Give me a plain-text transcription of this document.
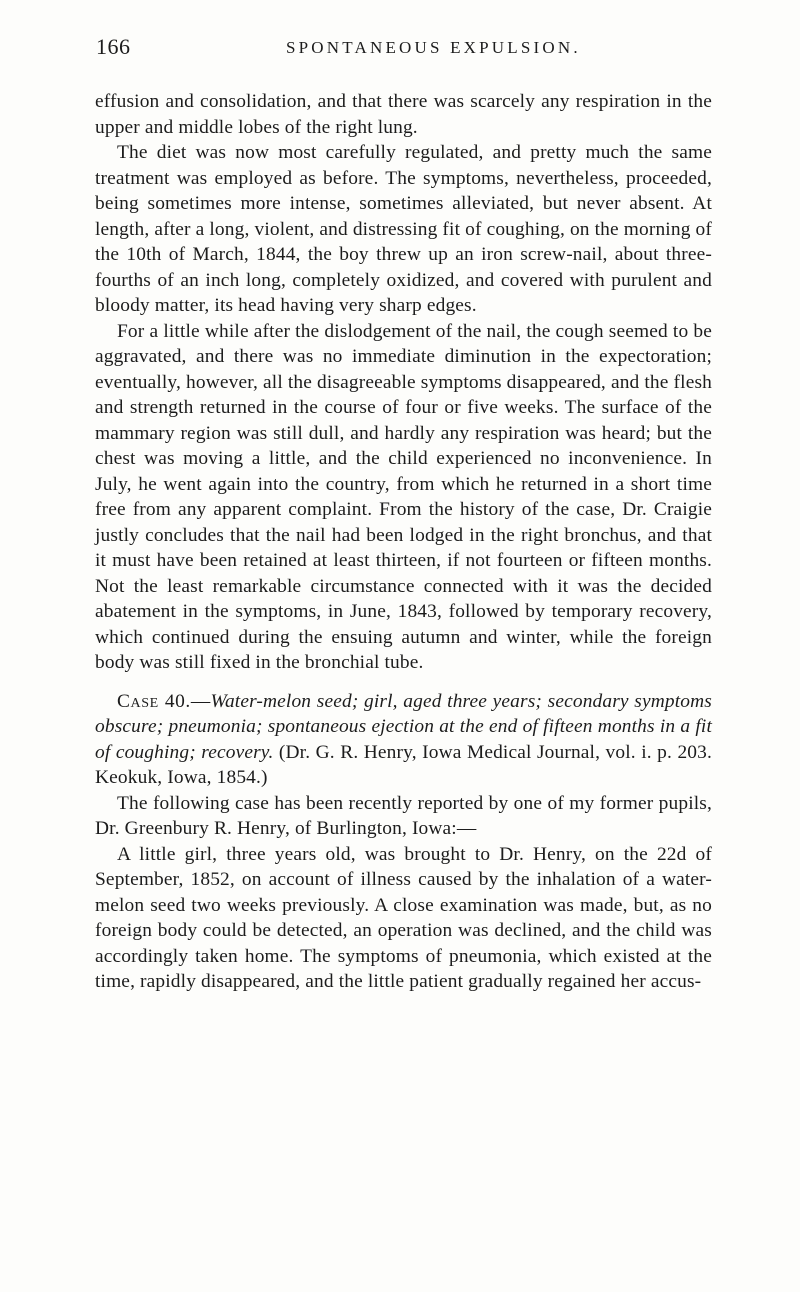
166	SPONTANEOUS EXPULSION.

effusion and consolidation, and that there was scarcely any respiration in the upper and middle lobes of the right lung.

The diet was now most carefully regulated, and pretty much the same treatment was employed as before. The symptoms, nevertheless, proceeded, being sometimes more intense, sometimes alleviated, but never absent. At length, after a long, violent, and distressing fit of coughing, on the morning of the 10th of March, 1844, the boy threw up an iron screw-nail, about three-fourths of an inch long, completely oxidized, and covered with purulent and bloody matter, its head having very sharp edges.

For a little while after the dislodgement of the nail, the cough seemed to be aggravated, and there was no immediate diminution in the expectoration; eventually, however, all the disagreeable symptoms disappeared, and the flesh and strength returned in the course of four or five weeks. The surface of the mammary region was still dull, and hardly any respiration was heard; but the chest was moving a little, and the child experienced no inconvenience. In July, he went again into the country, from which he returned in a short time free from any apparent complaint. From the history of the case, Dr. Craigie justly concludes that the nail had been lodged in the right bronchus, and that it must have been retained at least thirteen, if not fourteen or fifteen months. Not the least remarkable circumstance connected with it was the decided abatement in the symptoms, in June, 1843, followed by temporary recovery, which continued during the ensuing autumn and winter, while the foreign body was still fixed in the bronchial tube.

Case 40.—Water-melon seed; girl, aged three years; secondary symptoms obscure; pneumonia; spontaneous ejection at the end of fifteen months in a fit of coughing; recovery. (Dr. G. R. Henry, Iowa Medical Journal, vol. i. p. 203. Keokuk, Iowa, 1854.)

The following case has been recently reported by one of my former pupils, Dr. Greenbury R. Henry, of Burlington, Iowa:—

A little girl, three years old, was brought to Dr. Henry, on the 22d of September, 1852, on account of illness caused by the inhalation of a water-melon seed two weeks previously. A close examination was made, but, as no foreign body could be detected, an operation was declined, and the child was accordingly taken home. The symptoms of pneumonia, which existed at the time, rapidly disappeared, and the little patient gradually regained her accus-
